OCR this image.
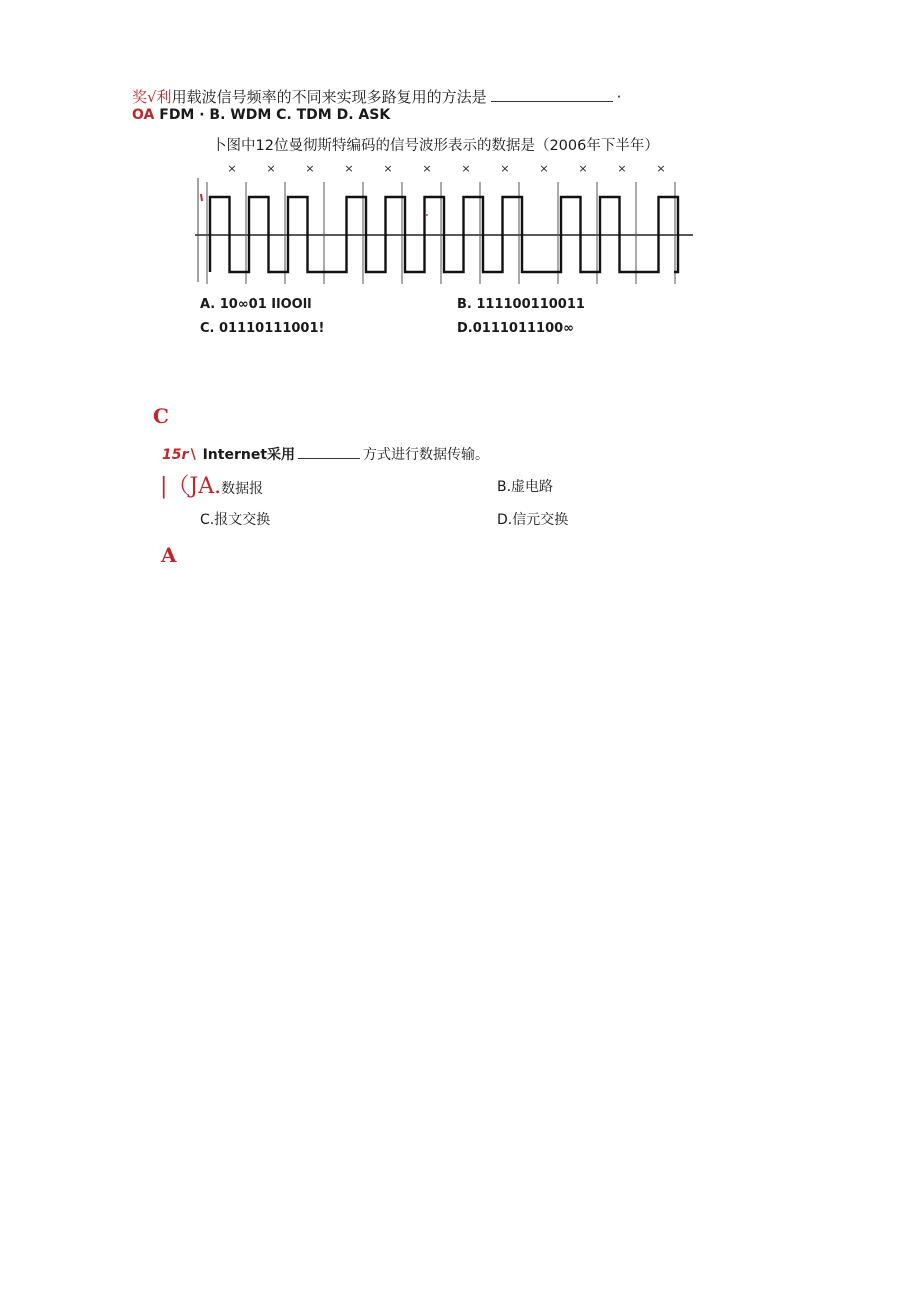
奖√利用载波信号频率的不同来实现多路复用的方法是	·
OA FDM · B. WDM C. TDM D. ASK
卜图中12位曼彻斯特编码的信号波形表示的数据是（2006年下半年）
×	×	×	×	×	×	×	×	×	×	×	×
A. 10∞01 IlOOll	B. 111100110011
C. 01110111001!	D.0111011100∞
C
15r∖ Internet采用	方式进行数据传输。
|（JA.数据报	B.虚电路
C.报文交换	D.信元交换
A
